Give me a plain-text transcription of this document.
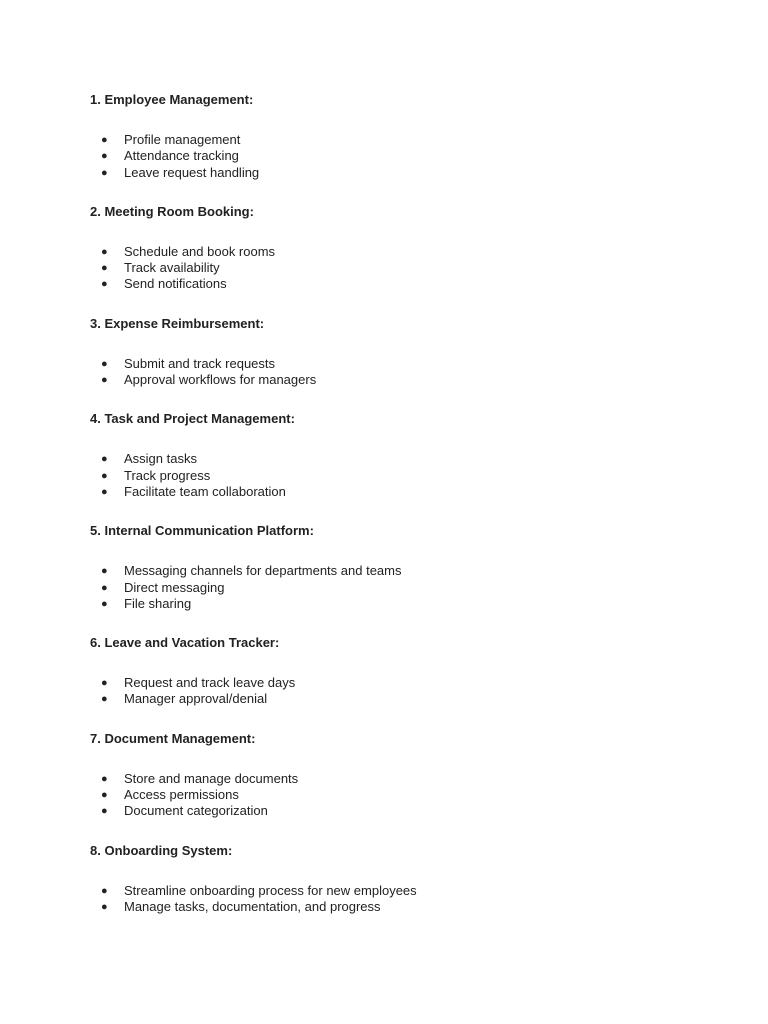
1. Employee Management:
● Profile management
● Attendance tracking
● Leave request handling
2. Meeting Room Booking:
● Schedule and book rooms
● Track availability
● Send notifications
3. Expense Reimbursement:
● Submit and track requests
● Approval workflows for managers
4. Task and Project Management:
● Assign tasks
● Track progress
● Facilitate team collaboration
5. Internal Communication Platform:
● Messaging channels for departments and teams
● Direct messaging
● File sharing
6. Leave and Vacation Tracker:
● Request and track leave days
● Manager approval/denial
7. Document Management:
● Store and manage documents
● Access permissions
● Document categorization
8. Onboarding System:
● Streamline onboarding process for new employees
● Manage tasks, documentation, and progress
